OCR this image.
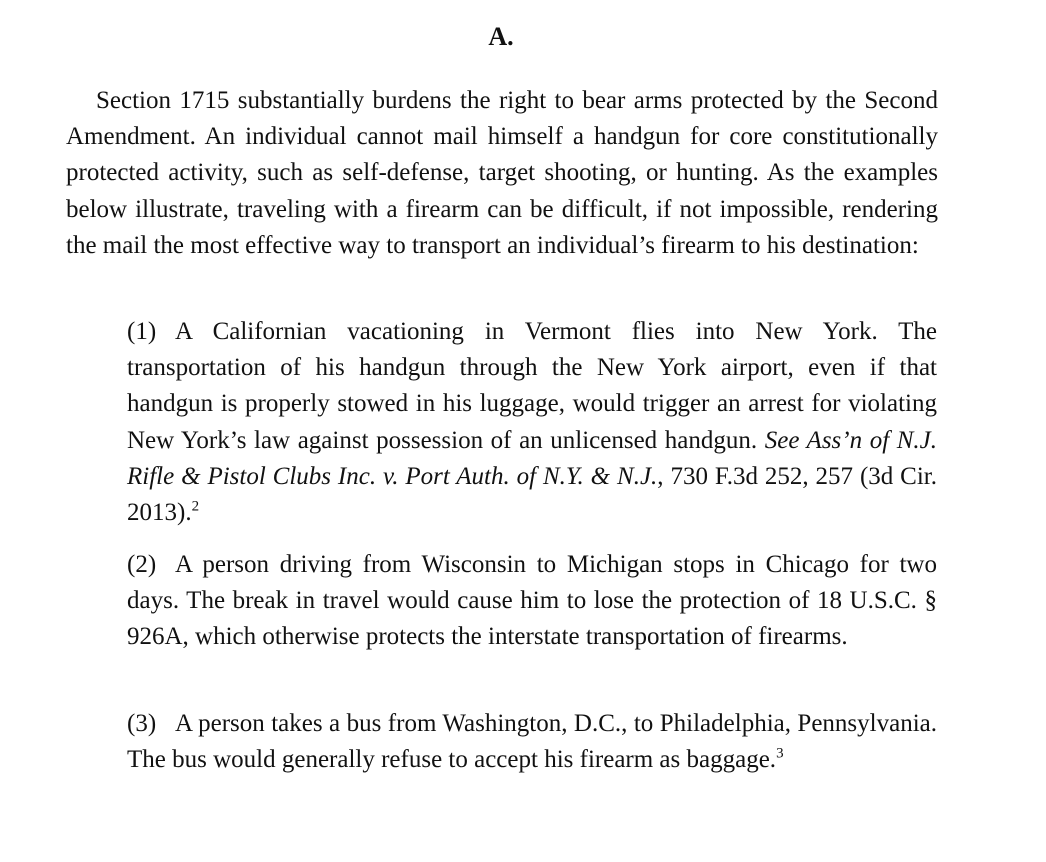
A.

Section 1715 substantially burdens the right to bear arms protected by the Second Amendment. An individual cannot mail himself a handgun for core constitutionally protected activity, such as self-defense, target shooting, or hunting. As the examples below illustrate, traveling with a firearm can be difficult, if not impossible, rendering the mail the most effective way to transport an individual’s firearm to his destination:

(1) A Californian vacationing in Vermont flies into New York. The transportation of his handgun through the New York airport, even if that handgun is properly stowed in his luggage, would trigger an arrest for violating New York’s law against possession of an unlicensed handgun. See Ass’n of N.J. Rifle & Pistol Clubs Inc. v. Port Auth. of N.Y. & N.J., 730 F.3d 252, 257 (3d Cir. 2013).$^2$

(2) A person driving from Wisconsin to Michigan stops in Chicago for two days. The break in travel would cause him to lose the protection of 18 U.S.C. § 926A, which otherwise protects the interstate transportation of firearms.

(3) A person takes a bus from Washington, D.C., to Philadelphia, Pennsylvania. The bus would generally refuse to accept his firearm as baggage.$^3$
